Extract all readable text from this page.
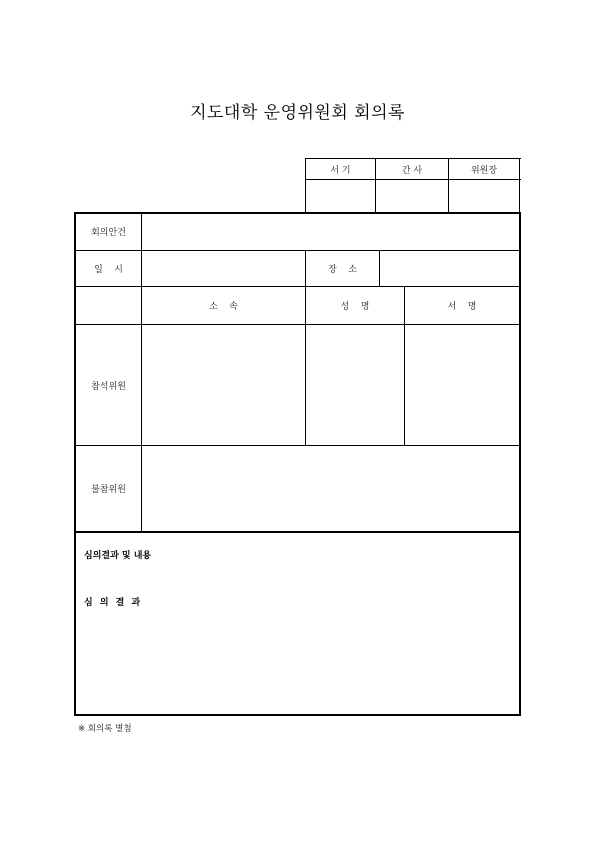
지도대학 운영위원회 회의록
서 기	간 사	위원장
회의안건
일    시	장    소
소    속	성    명	서    명
참석위원
불참위원
심의결과 및 내용
심 의 결 과
※ 회의록 별첨
